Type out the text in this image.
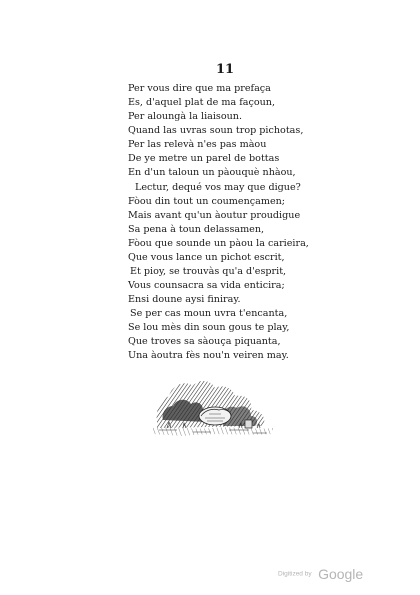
11
Per vous dire que ma prefaça
Es, d'aquel plat de ma façoun,
Per aloungà la liaisoun.
Quand las uvras soun trop pichotas,
Per las relevà n'es pas màou
De ye metre un parel de bottas
En d'un taloun un pàouquè nhàou,
Lectur, dequé vos may que digue?
Fòou din tout un coumençamen;
Mais avant qu'un àoutur proudigue
Sa pena à toun delassamen,
Fòou que sounde un pàou la carieira,
Que vous lance un pichot escrit,
Et pioy, se trouvàs qu'a d'esprit,
Vous counsacra sa vida enticira;
Ensi doune aysi finiray.
Se per cas moun uvra t'encanta,
Se lou mès din soun gous te play,
Que troves sa sàouça piquanta,
Una àoutra fès nou'n veiren may.
Digitized by Google
